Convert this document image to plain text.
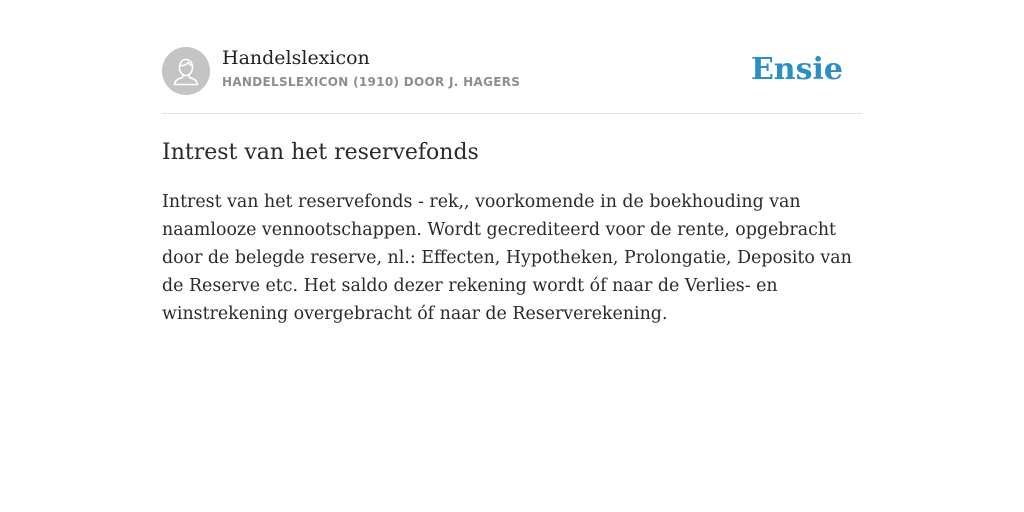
Handelslexicon
HANDELSLEXICON (1910) DOOR J. HAGERS	Ensie
Intrest van het reservefonds

Intrest van het reservefonds - rek,, voorkomende in de boekhouding van naamlooze vennootschappen. Wordt gecrediteerd voor de rente, opgebracht door de belegde reserve, nl.: Effecten, Hypotheken, Prolongatie, Deposito van de Reserve etc. Het saldo dezer rekening wordt óf naar de Verlies- en winstrekening overgebracht óf naar de Reserverekening.
